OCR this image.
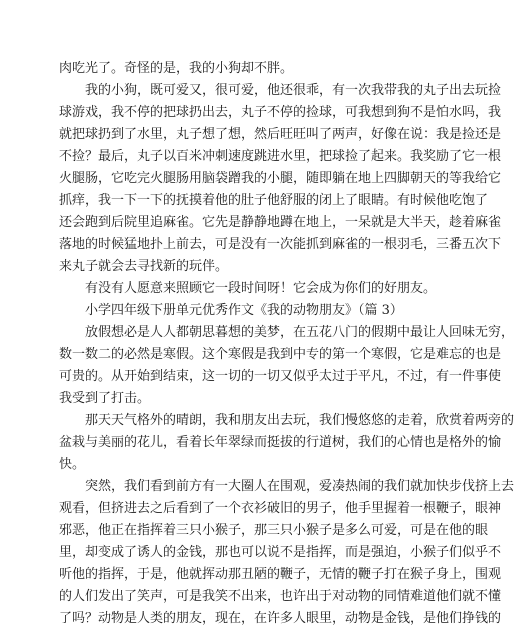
肉吃光了。奇怪的是，我的小狗却不胖。
我的小狗，既可爱又，很可爱，他还很乖，有一次我带我的丸子出去玩捡
球游戏，我不停的把球扔出去，丸子不停的捡球，可我想到狗不是怕水吗，我
就把球扔到了水里，丸子想了想，然后旺旺叫了两声，好像在说：我是捡还是
不捡？最后，丸子以百米冲刺速度跳进水里，把球捡了起来。我奖励了它一根
火腿肠，它吃完火腿肠用脑袋蹭我的小腿，随即躺在地上四脚朝天的等我给它
抓痒，我一下一下的抚摸着他的肚子他舒服的闭上了眼睛。有时候他吃饱了
还会跑到后院里追麻雀。它先是静静地蹲在地上，一呆就是大半天，趁着麻雀
落地的时候猛地扑上前去，可是没有一次能抓到麻雀的一根羽毛，三番五次下
来丸子就会去寻找新的玩伴。
有没有人愿意来照顾它一段时间呀！它会成为你们的好朋友。
小学四年级下册单元优秀作文《我的动物朋友》（篇 3）
放假想必是人人都朝思暮想的美梦，在五花八门的假期中最让人回味无穷，
数一数二的必然是寒假。这个寒假是我到中专的第一个寒假，它是难忘的也是
可贵的。从开始到结束，这一切的一切又似乎太过于平凡，不过，有一件事使
我受到了打击。
那天天气格外的晴朗，我和朋友出去玩，我们慢悠悠的走着，欣赏着两旁的
盆栽与美丽的花儿，看着长年翠绿而挺拔的行道树，我们的心情也是格外的愉
快。
突然，我们看到前方有一大圈人在围观，爱凑热闹的我们就加快步伐挤上去
观看，但挤进去之后看到了一个衣衫破旧的男子，他手里握着一根鞭子，眼神
邪恶，他正在指挥着三只小猴子，那三只小猴子是多么可爱，可是在他的眼
里，却变成了诱人的金钱，那也可以说不是指挥，而是强迫，小猴子们似乎不
听他的指挥，于是，他就挥动那丑陋的鞭子，无情的鞭子打在猴子身上，围观
的人们发出了笑声，可是我笑不出来，也许出于对动物的同情难道他们就不懂
了吗？动物是人类的朋友，现在，在许多人眼里，动物是金钱，是他们挣钱的
